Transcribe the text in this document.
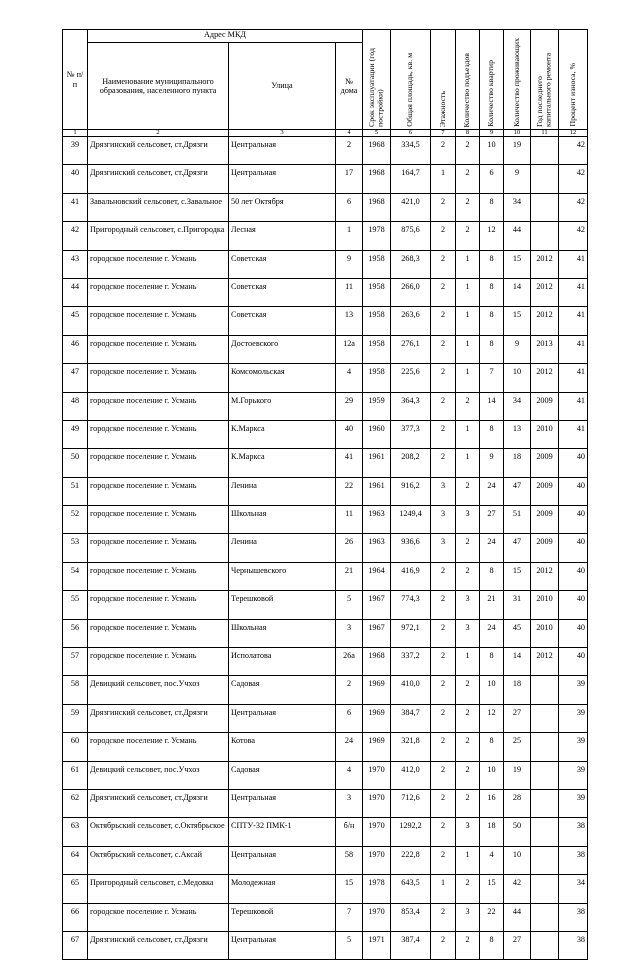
№ п/п	Адрес МКД			Срок эксплуатации (год постройки)	Общая площадь, кв. м	Этажность	Количество подъездов	Количество квартир	Количество проживающих	Год последнего капитального ремонта	Процент износа, %

	Наименование муниципального образования, населенного пункта	Улица	№ дома								
1	2	3	4	5	6	7	8	9	10	11	12
39	Дрязгинский сельсовет, ст.Дрязги	Центральная	2	1968	334,5	2	2	10	19		42
40	Дрязгинский сельсовет, ст.Дрязги	Центральная	17	1968	164,7	1	2	6	9		42
41	Завальновский сельсовет, с.Завальное	50 лет Октября	6	1968	421,0	2	2	8	34		42
42	Пригородный сельсовет, с.Пригородка	Лесная	1	1978	875,6	2	2	12	44		42
43	городское поселение г. Усмань	Советская	9	1958	268,3	2	1	8	15	2012	41
44	городское поселение г. Усмань	Советская	11	1958	266,0	2	1	8	14	2012	41
45	городское поселение г. Усмань	Советская	13	1958	263,6	2	1	8	15	2012	41
46	городское поселение г. Усмань	Достоевского	12а	1958	276,1	2	1	8	9	2013	41
47	городское поселение г. Усмань	Комсомольская	4	1958	225,6	2	1	7	10	2012	41
48	городское поселение г. Усмань	М.Горького	29	1959	364,3	2	2	14	34	2009	41
49	городское поселение г. Усмань	К.Маркса	40	1960	377,3	2	1	8	13	2010	41
50	городское поселение г. Усмань	К.Маркса	41	1961	208,2	2	1	9	18	2009	40
51	городское поселение г. Усмань	Ленина	22	1961	916,2	3	2	24	47	2009	40
52	городское поселение г. Усмань	Школьная	11	1963	1249,4	3	3	27	51	2009	40
53	городское поселение г. Усмань	Ленина	26	1963	936,6	3	2	24	47	2009	40
54	городское поселение г. Усмань	Чернышевского	21	1964	416,9	2	2	8	15	2012	40
55	городское поселение г. Усмань	Терешковой	5	1967	774,3	2	3	21	31	2010	40
56	городское поселение г. Усмань	Школьная	3	1967	972,1	2	3	24	45	2010	40
57	городское поселение г. Усмань	Исполатова	26а	1968	337,2	2	1	8	14	2012	40
58	Девицкий сельсовет, пос.Учхоз	Садовая	2	1969	410,0	2	2	10	18		39
59	Дрязгинский сельсовет, ст.Дрязги	Центральная	6	1969	384,7	2	2	12	27		39
60	городское поселение г. Усмань	Котова	24	1969	321,8	2	2	8	25		39
61	Девицкий сельсовет, пос.Учхоз	Садовая	4	1970	412,0	2	2	10	19		39
62	Дрязгинский сельсовет, ст.Дрязги	Центральная	3	1970	712,6	2	2	16	28		39
63	Октябрьский сельсовет, с.Октябрьское	СПТУ-32 ПМК-1	б/н	1970	1292,2	2	3	18	50		38
64	Октябрьский сельсовет, с.Аксай	Центральная	58	1970	222,8	2	1	4	10		38
65	Пригородный сельсовет, с.Медовка	Молодежная	15	1978	643,5	1	2	15	42		34
66	городское поселение г. Усмань	Терешковой	7	1970	853,4	2	3	22	44		38
67	Дрязгинский сельсовет, ст.Дрязги	Центральная	5	1971	387,4	2	2	8	27		38
